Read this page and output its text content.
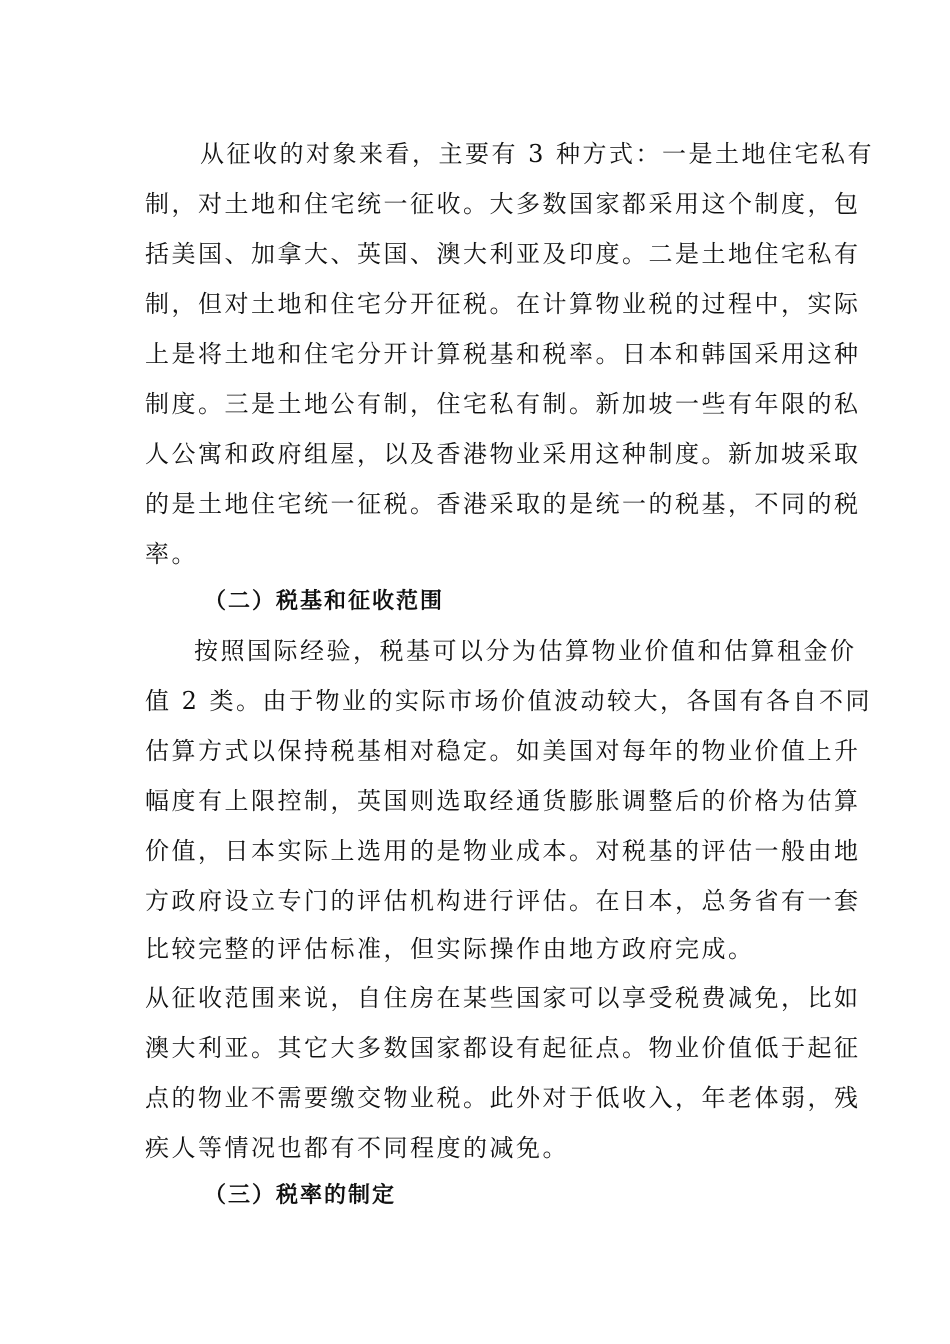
从征收的对象来看，主要有 3 种方式：一是土地住宅私有
制，对土地和住宅统一征收。大多数国家都采用这个制度，包
括美国、加拿大、英国、澳大利亚及印度。二是土地住宅私有
制，但对土地和住宅分开征税。在计算物业税的过程中，实际
上是将土地和住宅分开计算税基和税率。日本和韩国采用这种
制度。三是土地公有制，住宅私有制。新加坡一些有年限的私
人公寓和政府组屋，以及香港物业采用这种制度。新加坡采取
的是土地住宅统一征税。香港采取的是统一的税基，不同的税
率。
（二）税基和征收范围
按照国际经验，税基可以分为估算物业价值和估算租金价
值 2 类。由于物业的实际市场价值波动较大，各国有各自不同
估算方式以保持税基相对稳定。如美国对每年的物业价值上升
幅度有上限控制，英国则选取经通货膨胀调整后的价格为估算
价值，日本实际上选用的是物业成本。对税基的评估一般由地
方政府设立专门的评估机构进行评估。在日本，总务省有一套
比较完整的评估标准，但实际操作由地方政府完成。
从征收范围来说，自住房在某些国家可以享受税费减免，比如
澳大利亚。其它大多数国家都设有起征点。物业价值低于起征
点的物业不需要缴交物业税。此外对于低收入，年老体弱，残
疾人等情况也都有不同程度的减免。
（三）税率的制定
